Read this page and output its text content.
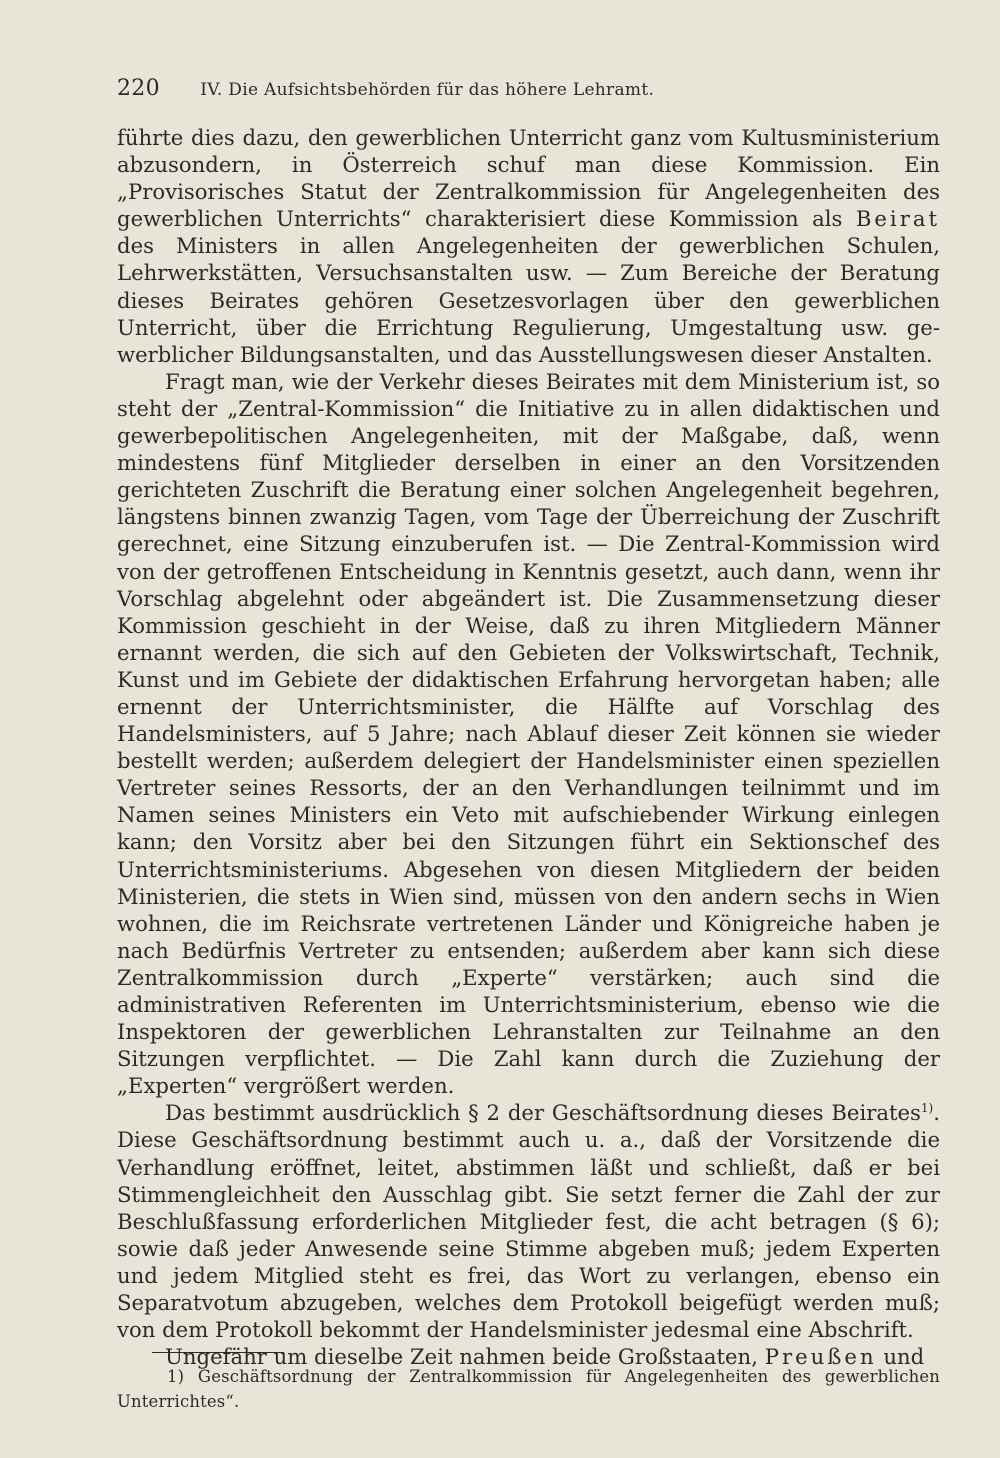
220 IV. Die Aufsichtsbehörden für das höhere Lehramt.

führte dies dazu, den gewerblichen Unterricht ganz vom Kultusministerium abzusondern, in Österreich schuf man diese Kommission. Ein „Provisorisches Statut der Zentralkommission für Angelegenheiten des gewerblichen Unterrichts“ charakterisiert diese Kommission als Beirat des Ministers in allen Angelegenheiten der gewerblichen Schulen, Lehrwerkstätten, Versuchsanstalten usw. — Zum Bereiche der Beratung dieses Beirates gehören Gesetzesvorlagen über den gewerblichen Unterricht, über die Errichtung Regulierung, Umgestaltung usw. gewerblicher Bildungsanstalten, und das Ausstellungswesen dieser Anstalten.

Fragt man, wie der Verkehr dieses Beirates mit dem Ministerium ist, so steht der „Zentral-Kommission“ die Initiative zu in allen didaktischen und gewerbepolitischen Angelegenheiten, mit der Maßgabe, daß, wenn mindestens fünf Mitglieder derselben in einer an den Vorsitzenden gerichteten Zuschrift die Beratung einer solchen Angelegenheit begehren, längstens binnen zwanzig Tagen, vom Tage der Überreichung der Zuschrift gerechnet, eine Sitzung einzuberufen ist. — Die Zentral-Kommission wird von der getroffenen Entscheidung in Kenntnis gesetzt, auch dann, wenn ihr Vorschlag abgelehnt oder abgeändert ist. Die Zusammensetzung dieser Kommission geschieht in der Weise, daß zu ihren Mitgliedern Männer ernannt werden, die sich auf den Gebieten der Volkswirtschaft, Technik, Kunst und im Gebiete der didaktischen Erfahrung hervorgetan haben; alle ernennt der Unterrichtsminister, die Hälfte auf Vorschlag des Handelsministers, auf 5 Jahre; nach Ablauf dieser Zeit können sie wieder bestellt werden; außerdem delegiert der Handelsminister einen speziellen Vertreter seines Ressorts, der an den Verhandlungen teilnimmt und im Namen seines Ministers ein Veto mit aufschiebender Wirkung einlegen kann; den Vorsitz aber bei den Sitzungen führt ein Sektionschef des Unterrichtsministeriums. Abgesehen von diesen Mitgliedern der beiden Ministerien, die stets in Wien sind, müssen von den andern sechs in Wien wohnen, die im Reichsrate vertretenen Länder und Königreiche haben je nach Bedürfnis Vertreter zu entsenden; außerdem aber kann sich diese Zentralkommission durch „Experte“ verstärken; auch sind die administrativen Referenten im Unterrichtsministerium, ebenso wie die Inspektoren der gewerblichen Lehranstalten zur Teilnahme an den Sitzungen verpflichtet. — Die Zahl kann durch die Zuziehung der „Experten“ vergrößert werden.

Das bestimmt ausdrücklich § 2 der Geschäftsordnung dieses Beirates$^{1)}$. Diese Geschäftsordnung bestimmt auch u. a., daß der Vorsitzende die Verhandlung eröffnet, leitet, abstimmen läßt und schließt, daß er bei Stimmengleichheit den Ausschlag gibt. Sie setzt ferner die Zahl der zur Beschlußfassung erforderlichen Mitglieder fest, die acht betragen (§ 6); sowie daß jeder Anwesende seine Stimme abgeben muß; jedem Experten und jedem Mitglied steht es frei, das Wort zu verlangen, ebenso ein Separatvotum abzugeben, welches dem Protokoll beigefügt werden muß; von dem Protokoll bekommt der Handelsminister jedesmal eine Abschrift.

Ungefähr um dieselbe Zeit nahmen beide Großstaaten, Preußen und

1) Geschäftsordnung der Zentralkommission für Angelegenheiten des gewerblichen Unterrichtes“.
